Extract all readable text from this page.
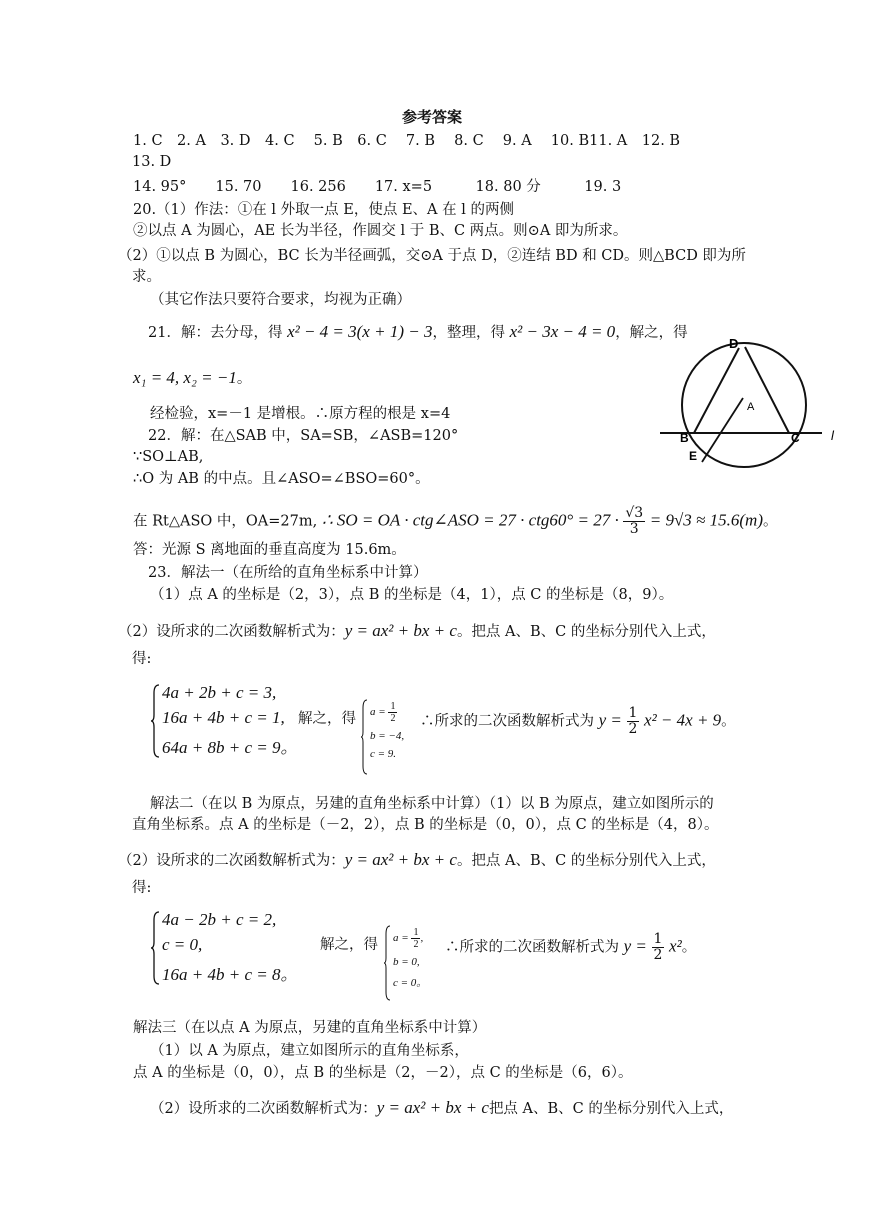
参考答案
1. C　2. A　3. D　4. C　 5. B　6. C　 7. B　 8. C　 9. A　 10. B11. A　12. B
13. D
14. 95°　　15. 70　　16. 256　　17. x=5　　　18. 80 分　　　19. 3
20.（1）作法：①在 l 外取一点 E，使点 E、A 在 l 的两侧
②以点 A 为圆心，AE 长为半径，作圆交 l 于 B、C 两点。则⊙A 即为所求。
（2）①以点 B 为圆心，BC 长为半径画弧，交⊙A 于点 D，②连结 BD 和 CD。则△BCD 即为所
求。
（其它作法只要符合要求，均视为正确）
21．解：去分母，得 x² − 4 = 3(x + 1) − 3，整理，得 x² − 3x − 4 = 0，解之，得
x₁ = 4, x₂ = −1。
经检验，x=－1 是增根。∴原方程的根是 x=4
D
A
B	C
E
l
22．解：在△SAB 中，SA=SB，∠ASB=120°
∵SO⊥AB,
∴O 为 AB 的中点。且∠ASO=∠BSO=60°。
在 Rt△ASO 中，OA=27m, ∴ SO = OA · ctg∠ASO = $27 \cdot ctg60^\circ = 27 \cdot \frac{√3}{3} = 9√3 \approx 15.6(m)$。
答：光源 S 离地面的垂直高度为 15.6m。
23．解法一（在所给的直角坐标系中计算）
（1）点 A 的坐标是（2，3），点 B 的坐标是（4，1），点 C 的坐标是（8，9）。
（2）设所求的二次函数解析式为：y = ax² + bx + c。把点 A、B、C 的坐标分别代入上式，
得:
4a + 2b + c = 3,
16a + 4b + c = 1,
64a + 8b + c = 9。
解之，得 $a = \frac{1}{2}$
b = −4,
c = 9.
∴所求的二次函数解析式为 $y = \frac{1}{2} x^2 - 4x + 9$。
解法二（在以 B 为原点，另建的直角坐标系中计算）（1）以 B 为原点，建立如图所示的
直角坐标系。点 A 的坐标是（－2，2），点 B 的坐标是（0，0），点 C 的坐标是（4，8）。
（2）设所求的二次函数解析式为：y = ax² + bx + c。把点 A、B、C 的坐标分别代入上式，
得:
4a − 2b + c = 2,
c = 0,
16a + 4b + c = 8。
解之，得 $a = \frac{1}{2}$ ,
b = 0,
c = 0。
∴所求的二次函数解析式为 $y = \frac{1}{2} x^2$。
解法三（在以点 A 为原点，另建的直角坐标系中计算）
（1）以 A 为原点，建立如图所示的直角坐标系，
点 A 的坐标是（0，0），点 B 的坐标是（2，－2），点 C 的坐标是（6，6）。
（2）设所求的二次函数解析式为：y = ax² + bx + c把点 A、B、C 的坐标分别代入上式，
